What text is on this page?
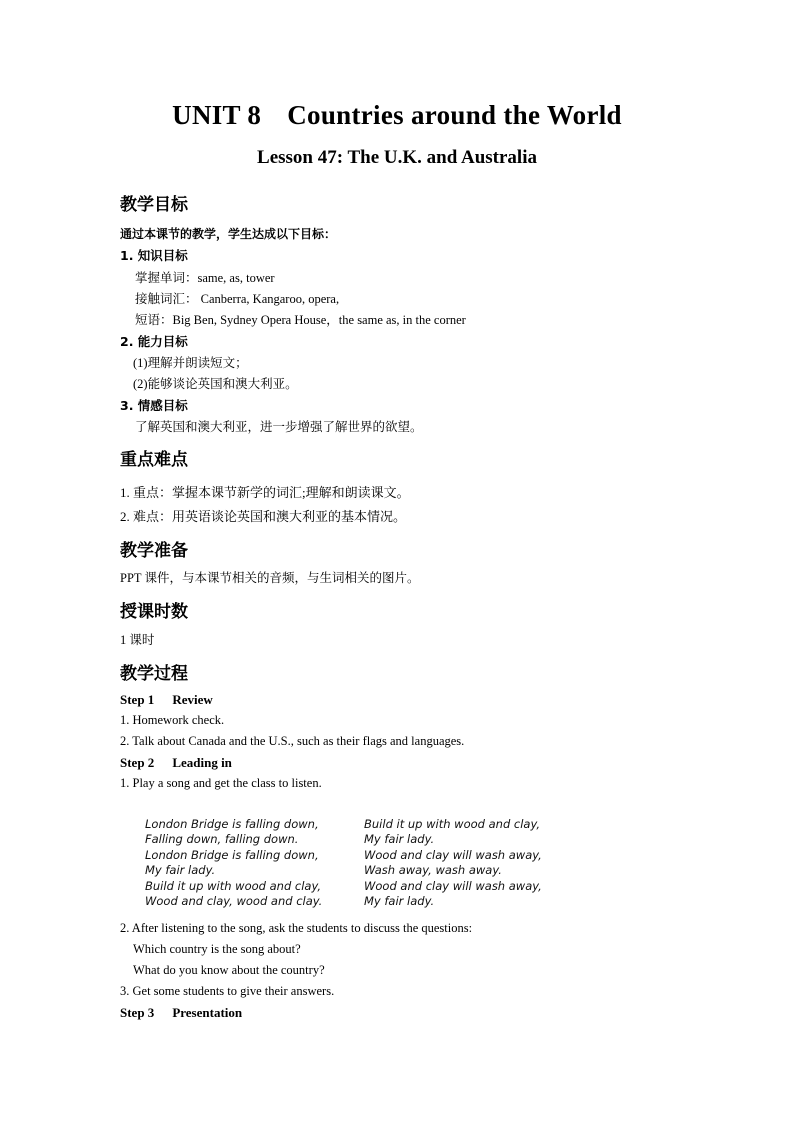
UNIT 8 Countries around the World
Lesson 47: The U.K. and Australia
教学目标
通过本课节的教学，学生达成以下目标：
1. 知识目标
掌握单词：same, as, tower
接触词汇： Canberra, Kangaroo, opera,
短语：Big Ben, Sydney Opera House，the same as, in the corner
2. 能力目标
(1)理解并朗读短文；
(2)能够谈论英国和澳大利亚。
3. 情感目标
了解英国和澳大利亚，进一步增强了解世界的欲望。
重点难点
1. 重点：掌握本课节新学的词汇;理解和朗读课文。
2. 难点：用英语谈论英国和澳大利亚的基本情况。
教学准备
PPT 课件，与本课节相关的音频，与生词相关的图片。
授课时数
1 课时
教学过程
Step 1 Review
1. Homework check.
2. Talk about Canada and the U.S., such as their flags and languages.
Step 2 Leading in
1. Play a song and get the class to listen.
London Bridge is falling down,
Falling down, falling down.
London Bridge is falling down,
My fair lady.
Build it up with wood and clay,
Wood and clay, wood and clay.
Build it up with wood and clay,
My fair lady.
Wood and clay will wash away,
Wash away, wash away.
Wood and clay will wash away,
My fair lady.
2. After listening to the song, ask the students to discuss the questions:
Which country is the song about?
What do you know about the country?
3. Get some students to give their answers.
Step 3 Presentation
